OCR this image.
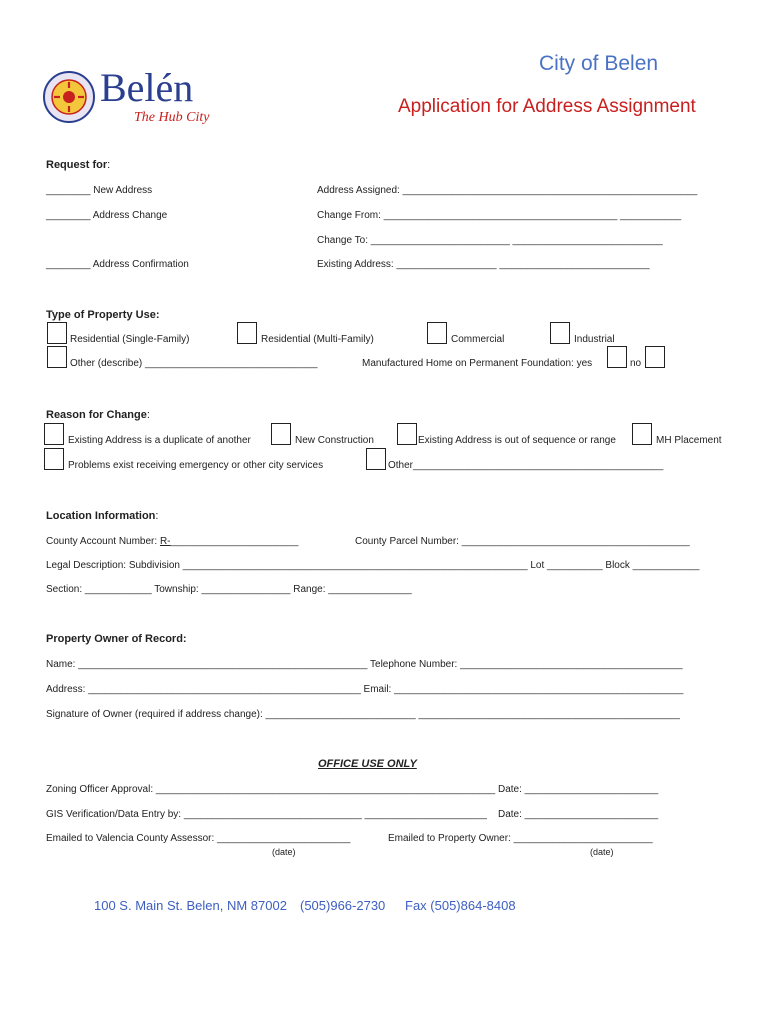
Belén
The Hub City
City of Belen
Application for Address Assignment
Request for:
________ New Address	Address Assigned: _____________________________________________________
________ Address Change	Change From: __________________________________________ ___________
Change To: _________________________ ___________________________
________ Address Confirmation	Existing Address: __________________ ___________________________
Type of Property Use:
Residential (Single-Family)	Residential (Multi-Family)	Commercial	Industrial
Other (describe) _______________________________	Manufactured Home on Permanent Foundation: yes	no
Reason for Change:
Existing Address is a duplicate of another	New Construction	Existing Address is out of sequence or range	MH Placement
Problems exist receiving emergency or other city services	Other_____________________________________________
Location Information:
County Account Number: R-_______________________	County Parcel Number: _________________________________________
Legal Description: Subdivision ______________________________________________________________ Lot __________ Block ____________
Section: ____________ Township: ________________ Range: _______________
Property Owner of Record:
Name: ____________________________________________________ Telephone Number: ________________________________________
Address: _________________________________________________ Email: ____________________________________________________
Signature of Owner (required if address change): ___________________________ _______________________________________________
OFFICE USE ONLY
Zoning Officer Approval: _____________________________________________________________ Date: ________________________
GIS Verification/Data Entry by: ________________________________ ______________________ Date: ________________________
Emailed to Valencia County Assessor: ________________________	Emailed to Property Owner: _________________________
(date)	(date)
100 S. Main St. Belen, NM 87002 (505)966-2730 Fax (505)864-8408
